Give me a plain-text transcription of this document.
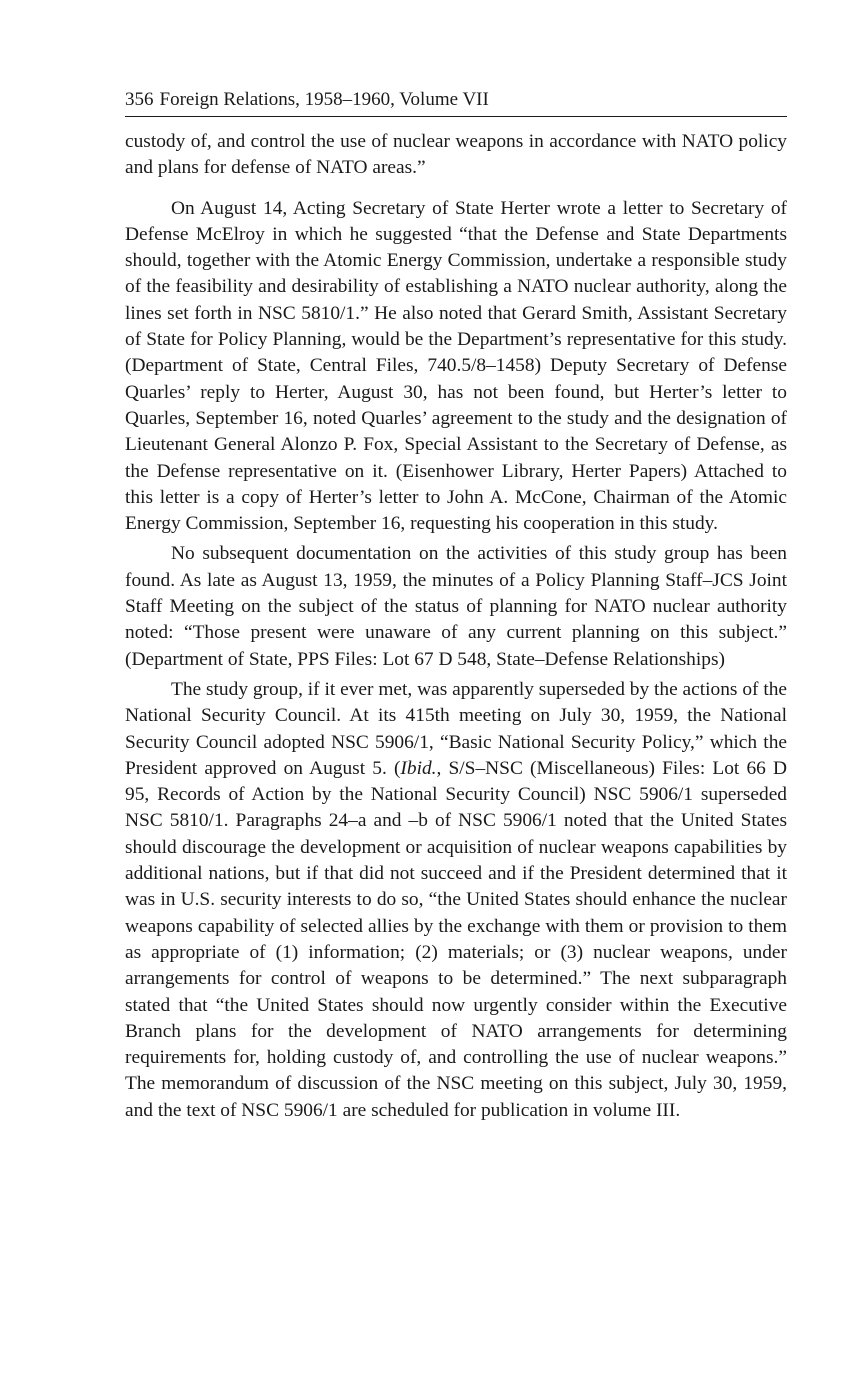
356 Foreign Relations, 1958–1960, Volume VII

custody of, and control the use of nuclear weapons in accordance with NATO policy and plans for defense of NATO areas.”

On August 14, Acting Secretary of State Herter wrote a letter to Secretary of Defense McElroy in which he suggested “that the Defense and State Departments should, together with the Atomic Energy Commission, undertake a responsible study of the feasibility and desirability of establishing a NATO nuclear authority, along the lines set forth in NSC 5810/1.” He also noted that Gerard Smith, Assistant Secretary of State for Policy Planning, would be the Department’s representative for this study. (Department of State, Central Files, 740.5/8–1458) Deputy Secretary of Defense Quarles’ reply to Herter, August 30, has not been found, but Herter’s letter to Quarles, September 16, noted Quarles’ agreement to the study and the designation of Lieutenant General Alonzo P. Fox, Special Assistant to the Secretary of Defense, as the Defense representative on it. (Eisenhower Library, Herter Papers) Attached to this letter is a copy of Herter’s letter to John A. McCone, Chairman of the Atomic Energy Commission, September 16, requesting his cooperation in this study.

No subsequent documentation on the activities of this study group has been found. As late as August 13, 1959, the minutes of a Policy Planning Staff–JCS Joint Staff Meeting on the subject of the status of planning for NATO nuclear authority noted: “Those present were unaware of any current planning on this subject.” (Department of State, PPS Files: Lot 67 D 548, State–Defense Relationships)

The study group, if it ever met, was apparently superseded by the actions of the National Security Council. At its 415th meeting on July 30, 1959, the National Security Council adopted NSC 5906/1, “Basic National Security Policy,” which the President approved on August 5. (Ibid., S/S–NSC (Miscellaneous) Files: Lot 66 D 95, Records of Action by the National Security Council) NSC 5906/1 superseded NSC 5810/1. Paragraphs 24–a and –b of NSC 5906/1 noted that the United States should discourage the development or acquisition of nuclear weapons capabilities by additional nations, but if that did not succeed and if the President determined that it was in U.S. security interests to do so, “the United States should enhance the nuclear weapons capability of selected allies by the exchange with them or provision to them as appropriate of (1) information; (2) materials; or (3) nuclear weapons, under arrangements for control of weapons to be determined.” The next subparagraph stated that “the United States should now urgently consider within the Executive Branch plans for the development of NATO arrangements for determining requirements for, holding custody of, and controlling the use of nuclear weapons.” The memorandum of discussion of the NSC meeting on this subject, July 30, 1959, and the text of NSC 5906/1 are scheduled for publication in volume III.
